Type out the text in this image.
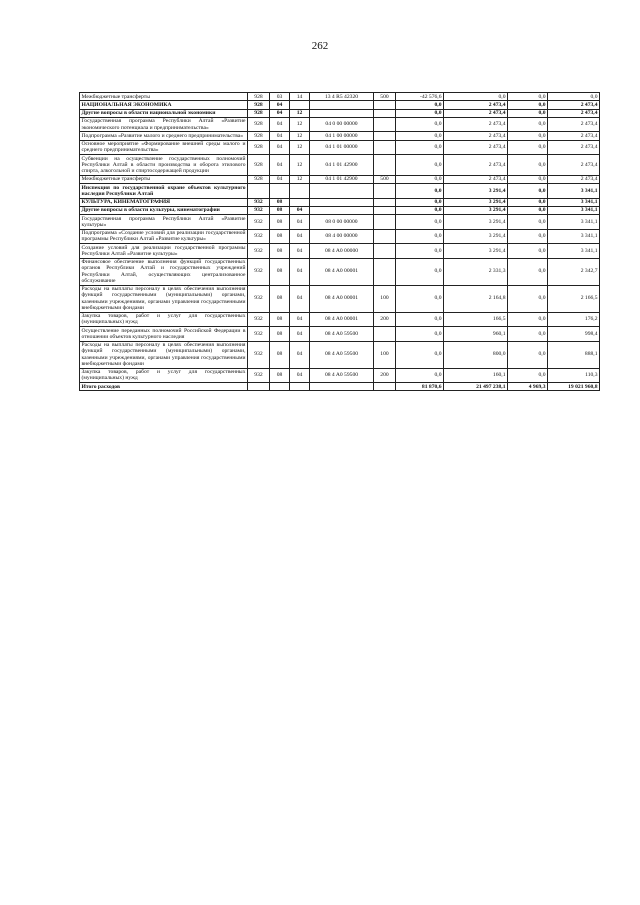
262
Межбюджетные трансферты	928	03	14	13 4 R5 42320	500	-42 576,6	0,0	0,0	0,0
НАЦИОНАЛЬНАЯ ЭКОНОМИКА	928	04				0,0	2 473,4	0,0	2 473,4
Другие вопросы в области национальной экономики	928	04	12			0,0	2 473,4	0,0	2 473,4
Государственная программа Республики Алтай «Развитие экономического потенциала и предпринимательства»	928	04	12	04 0 00 00000		0,0	2 473,4	0,0	2 473,4
Подпрограмма «Развитие малого и среднего предпринимательства»	928	04	12	04 1 00 00000		0,0	2 473,4	0,0	2 473,4
Основное мероприятие «Формирование внешней среды малого и среднего предпринимательства»	928	04	12	04 1 01 00000		0,0	2 473,4	0,0	2 473,4
Субвенции на осуществление государственных полномочий Республики Алтай в области производства и оборота этилового спирта, алкогольной и спиртосодержащей продукции	928	04	12	04 1 01 42900		0,0	2 473,4	0,0	2 473,4
Межбюджетные трансферты	928	04	12	04 1 01 42900	500	0,0	2 473,4	0,0	2 473,4
Инспекция по государственной охране объектов культурного наследия Республики Алтай						0,0	3 291,4	0,0	3 341,1
КУЛЬТУРА, КИНЕМАТОГРАФИЯ	932	08				0,0	3 291,4	0,0	3 341,1
Другие вопросы в области культуры, кинематографии	932	08	04			0,0	3 291,4	0,0	3 341,1
Государственная программа Республики Алтай «Развитие культуры»	932	08	04	08 0 00 00000		0,0	3 291,4	0,0	3 341,1
Подпрограмма «Создание условий для реализации государственной программы Республики Алтай «Развитие культуры»	932	08	04	08 4 00 00000		0,0	3 291,4	0,0	3 341,1
Создание условий для реализации государственной программы Республики Алтай «Развитие культуры»	932	08	04	08 4 A0 00000		0,0	3 291,4	0,0	3 341,1
Финансовое обеспечение выполнения функций государственных органов Республики Алтай и государственных учреждений Республики Алтай, осуществляющих централизованное обслуживание	932	08	04	08 4 A0 00001		0,0	2 331,3	0,0	2 342,7
Расходы на выплаты персоналу в целях обеспечения выполнения функций государственными (муниципальными) органами, казенными учреждениями, органами управления государственными внебюджетными фондами	932	08	04	08 4 A0 00001	100	0,0	2 164,8	0,0	2 166,5
Закупка товаров, работ и услуг для государственных (муниципальных) нужд	932	08	04	08 4 A0 00001	200	0,0	166,5	0,0	176,2
Осуществление переданных полномочий Российской Федерации в отношении объектов культурного наследия	932	08	04	08 4 A0 59500		0,0	960,1	0,0	998,4
Расходы на выплаты персоналу в целях обеспечения выполнения функций государственными (муниципальными) органами, казенными учреждениями, органами управления государственными внебюджетными фондами	932	08	04	08 4 A0 59500	100	0,0	800,0	0,0	888,1
Закупка товаров, работ и услуг для государственных (муниципальных) нужд	932	08	04	08 4 A0 59500	200	0,0	160,1	0,0	110,3
Итого расходов						81 870,6	21 497 238,1	4 969,3	19 021 960,8
